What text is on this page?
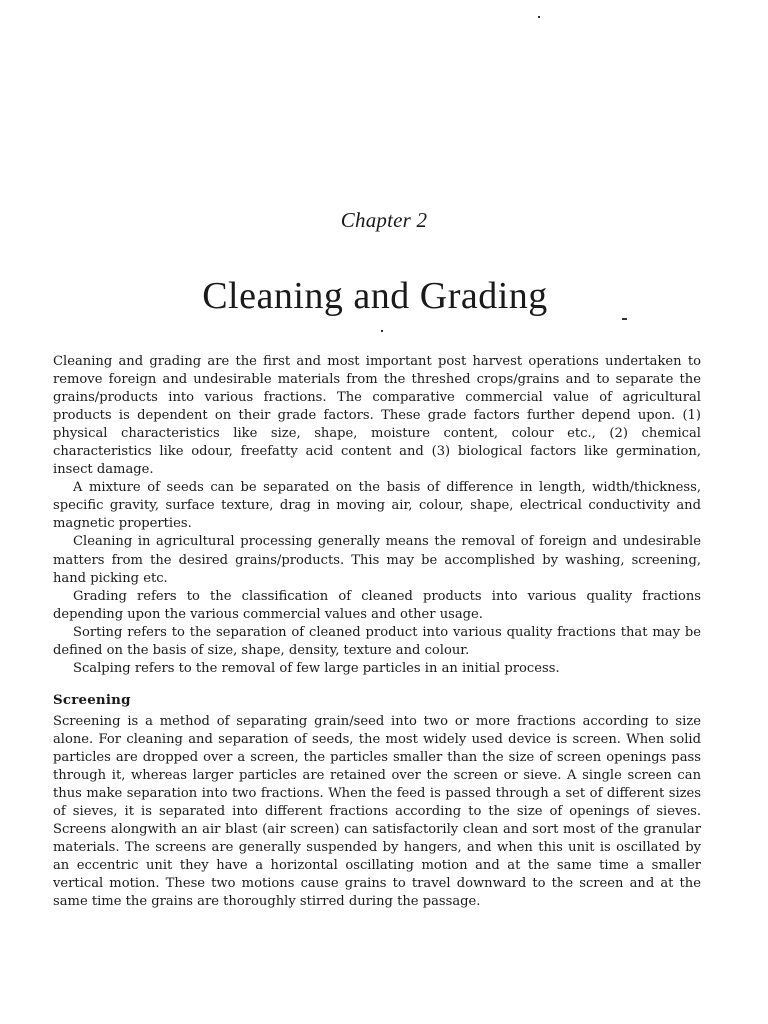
Chapter 2
Cleaning and Grading

Cleaning and grading are the first and most important post harvest operations undertaken to remove foreign and undesirable materials from the threshed crops/grains and to separate the grains/products into various fractions. The comparative commercial value of agricultural products is dependent on their grade factors. These grade factors further depend upon. (1) physical characteristics like size, shape, moisture content, colour etc., (2) chemical characteristics like odour, freefatty acid content and (3) biological factors like germination, insect damage.

A mixture of seeds can be separated on the basis of difference in length, width/thickness, specific gravity, surface texture, drag in moving air, colour, shape, electrical conductivity and magnetic properties.

Cleaning in agricultural processing generally means the removal of foreign and undesirable matters from the desired grains/products. This may be accomplished by washing, screening, hand picking etc.

Grading refers to the classification of cleaned products into various quality fractions depending upon the various commercial values and other usage.

Sorting refers to the separation of cleaned product into various quality fractions that may be defined on the basis of size, shape, density, texture and colour.

Scalping refers to the removal of few large particles in an initial process.

Screening

Screening is a method of separating grain/seed into two or more fractions according to size alone. For cleaning and separation of seeds, the most widely used device is screen. When solid particles are dropped over a screen, the particles smaller than the size of screen openings pass through it, whereas larger particles are retained over the screen or sieve. A single screen can thus make separation into two fractions. When the feed is passed through a set of different sizes of sieves, it is separated into different fractions according to the size of openings of sieves. Screens alongwith an air blast (air screen) can satisfactorily clean and sort most of the granular materials. The screens are generally suspended by hangers, and when this unit is oscillated by an eccentric unit they have a horizontal oscillating motion and at the same time a smaller vertical motion. These two motions cause grains to travel downward to the screen and at the same time the grains are thoroughly stirred during the passage.
